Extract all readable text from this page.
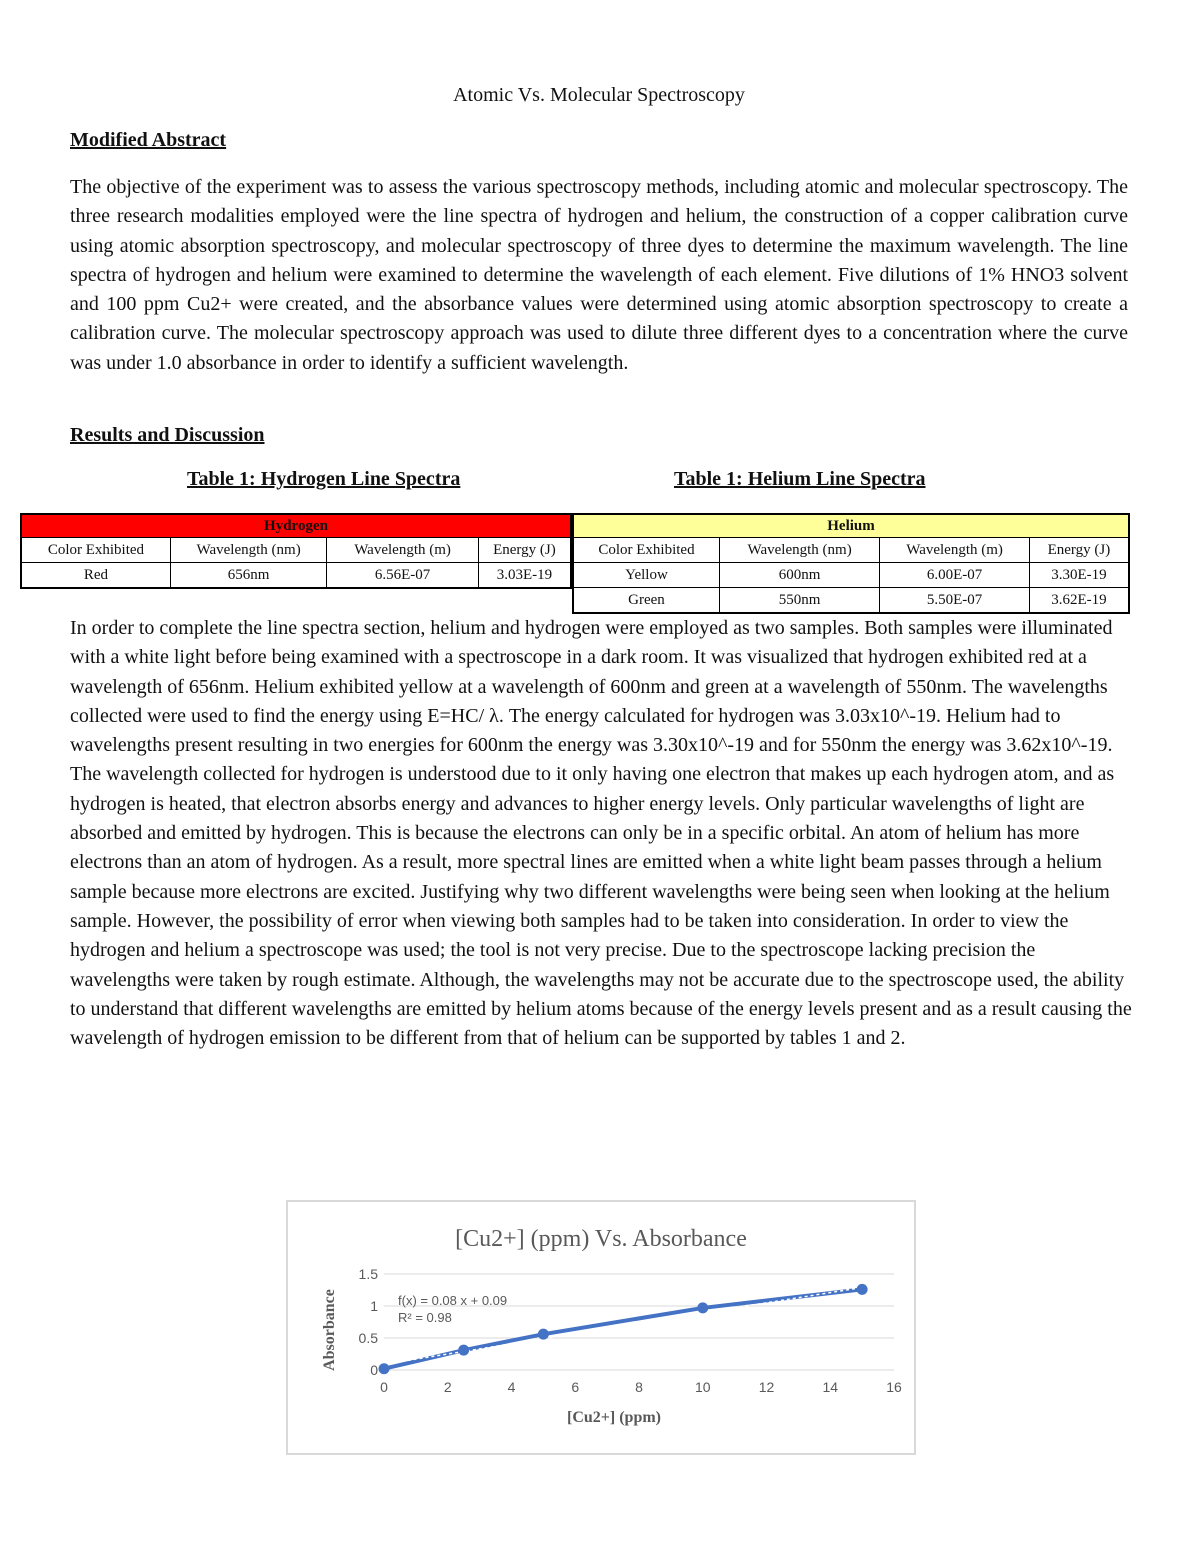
Atomic Vs. Molecular Spectroscopy
Modified Abstract

The objective of the experiment was to assess the various spectroscopy methods, including atomic and molecular spectroscopy. The three research modalities employed were the line spectra of hydrogen and helium, the construction of a copper calibration curve using atomic absorption spectroscopy, and molecular spectroscopy of three dyes to determine the maximum wavelength. The line spectra of hydrogen and helium were examined to determine the wavelength of each element. Five dilutions of 1% HNO3 solvent and 100 ppm Cu2+ were created, and the absorbance values were determined using atomic absorption spectroscopy to create a calibration curve. The molecular spectroscopy approach was used to dilute three different dyes to a concentration where the curve was under 1.0 absorbance in order to identify a sufficient wavelength.

Results and Discussion
Table 1: Hydrogen Line Spectra	Table 1: Helium Line Spectra
Hydrogen			
Color Exhibited	Wavelength (nm)	Wavelength (m)	Energy (J)
Red	656nm	6.56E-07	3.03E-19
Helium			
Color Exhibited	Wavelength (nm)	Wavelength (m)	Energy (J)
Yellow	600nm	6.00E-07	3.30E-19
Green	550nm	5.50E-07	3.62E-19

In order to complete the line spectra section, helium and hydrogen were employed as two samples. Both samples were illuminated with a white light before being examined with a spectroscope in a dark room. It was visualized that hydrogen exhibited red at a wavelength of 656nm. Helium exhibited yellow at a wavelength of 600nm and green at a wavelength of 550nm. The wavelengths collected were used to find the energy using E=HC/ λ. The energy calculated for hydrogen was 3.03x10^-19. Helium had to wavelengths present resulting in two energies for 600nm the energy was 3.30x10^-19 and for 550nm the energy was 3.62x10^-19. The wavelength collected for hydrogen is understood due to it only having one electron that makes up each hydrogen atom, and as hydrogen is heated, that electron absorbs energy and advances to higher energy levels. Only particular wavelengths of light are absorbed and emitted by hydrogen. This is because the electrons can only be in a specific orbital. An atom of helium has more electrons than an atom of hydrogen. As a result, more spectral lines are emitted when a white light beam passes through a helium sample because more electrons are excited. Justifying why two different wavelengths were being seen when looking at the helium sample. However, the possibility of error when viewing both samples had to be taken into consideration. In order to view the hydrogen and helium a spectroscope was used; the tool is not very precise. Due to the spectroscope lacking precision the wavelengths were taken by rough estimate. Although, the wavelengths may not be accurate due to the spectroscope used, the ability to understand that different wavelengths are emitted by helium atoms because of the energy levels present and as a result causing the wavelength of hydrogen emission to be different from that of helium can be supported by tables 1 and 2.

[Cu2+] (ppm) Vs. Absorbance
[Cu2+] (ppm)
Absorbance 0
0.5
1
1.5
0	2	4	6	8	10	12	14	16
f(x) = 0.08 x + 0.09
R² = 0.98
